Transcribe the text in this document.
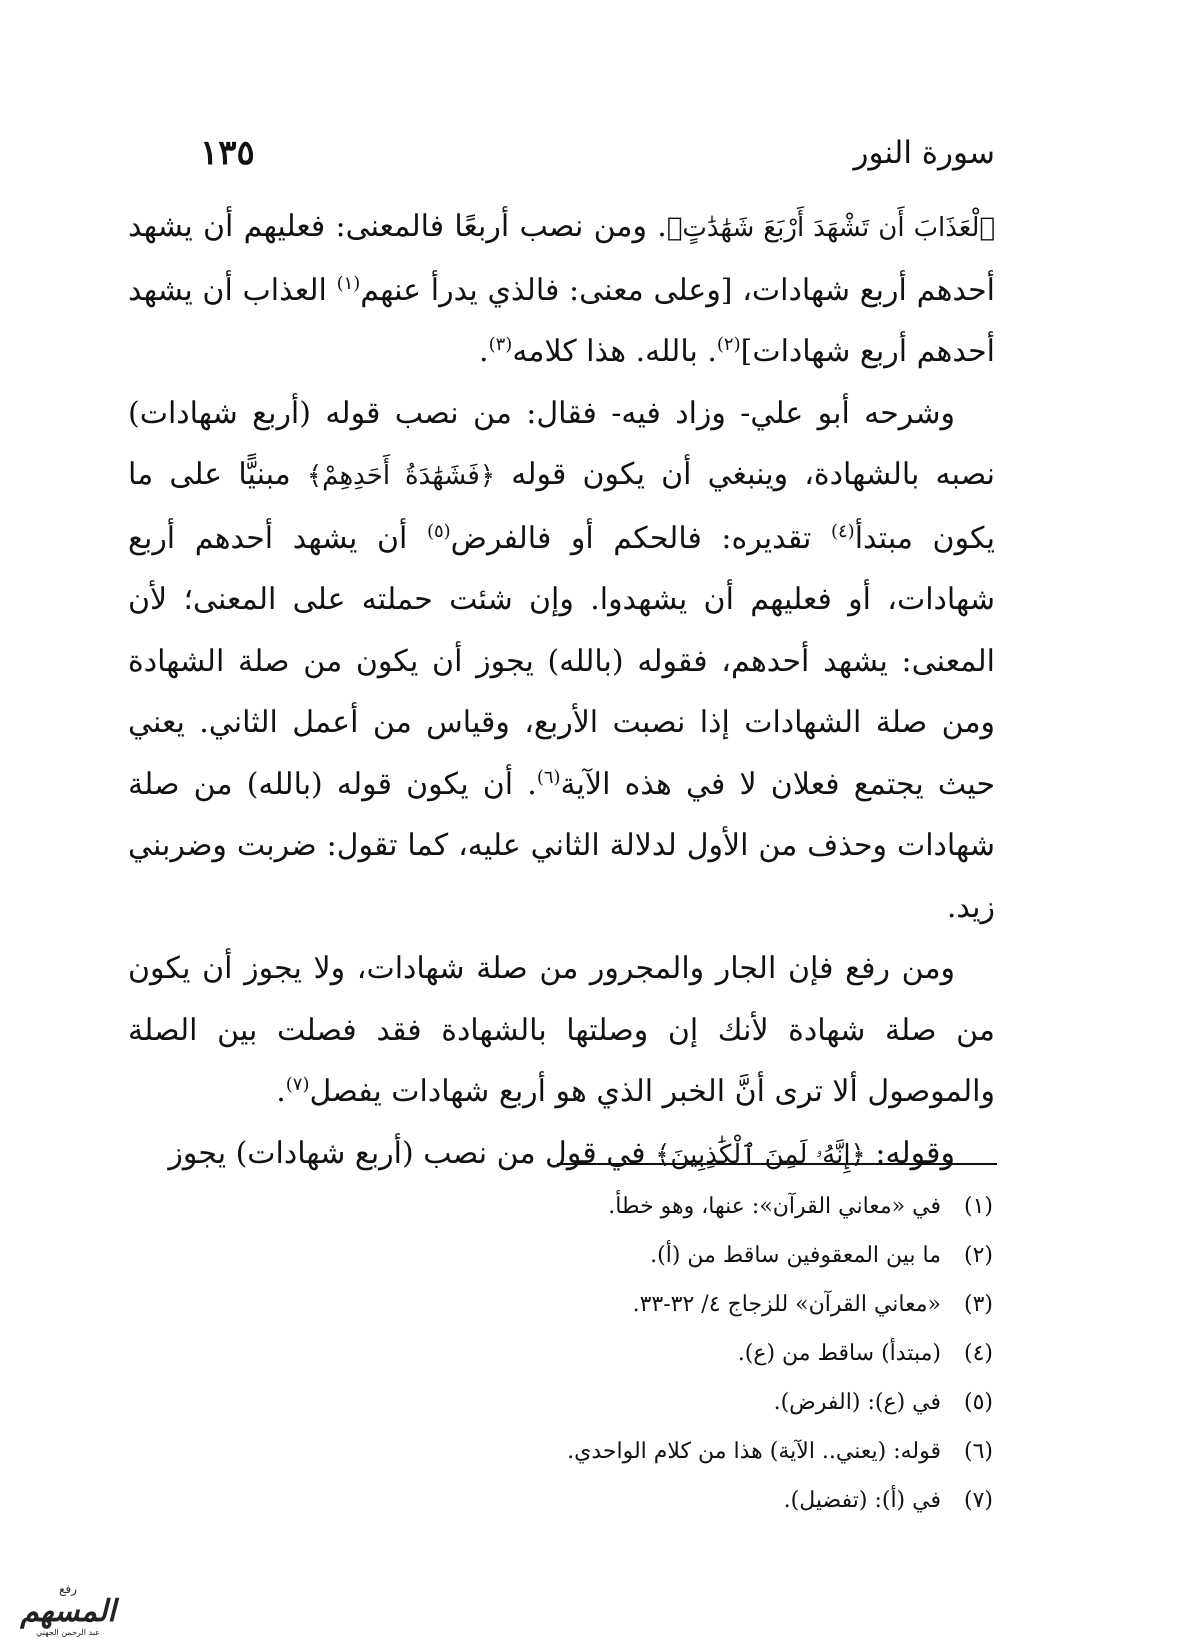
سورة النور
١٣٥

ٱلْعَذَابَ أَن تَشْهَدَ أَرْبَعَ شَهَٰدَٰتٍۭ. ومن نصب أربعًا فالمعنى: فعليهم أن يشهد أحدهم أربع شهادات، [وعلى معنى: فالذي يدرأ عنهم$^{(١)}$ العذاب أن يشهد أحدهم أربع شهادات]$^{(٢)}$. بالله. هذا كلامه$^{(٣)}$.

وشرحه أبو علي- وزاد فيه- فقال: من نصب قوله (أربع شهادات) نصبه بالشهادة، وينبغي أن يكون قوله ﴿فَشَهَٰدَةُ أَحَدِهِمْ﴾ مبنيًّا على ما يكون مبتدأ$^{(٤)}$ تقديره: فالحكم أو فالفرض$^{(٥)}$ أن يشهد أحدهم أربع شهادات، أو فعليهم أن يشهدوا. وإن شئت حملته على المعنى؛ لأن المعنى: يشهد أحدهم، فقوله (بالله) يجوز أن يكون من صلة الشهادة ومن صلة الشهادات إذا نصبت الأربع، وقياس من أعمل الثاني. يعني حيث يجتمع فعلان لا في هذه الآية$^{(٦)}$. أن يكون قوله (بالله) من صلة شهادات وحذف من الأول لدلالة الثاني عليه، كما تقول: ضربت وضربني زيد.

ومن رفع فإن الجار والمجرور من صلة شهادات، ولا يجوز أن يكون من صلة شهادة لأنك إن وصلتها بالشهادة فقد فصلت بين الصلة والموصول ألا ترى أنَّ الخبر الذي هو أربع شهادات يفصل$^{(٧)}$.

وقوله: ﴿إِنَّهُۥ لَمِنَ ٱلْكَٰذِبِينَ﴾ في قول من نصب (أربع شهادات) يجوز

(١)
في «معاني القرآن»: عنها، وهو خطأ.
(٢)
ما بين المعقوفين ساقط من (أ).
(٣)
«معاني القرآن» للزجاج ٤/ ٣٢-٣٣.
(٤)
(مبتدأ) ساقط من (ع).
(٥)
في (ع): (الفرض).
(٦)
قوله: (يعني.. الآية) هذا من كلام الواحدي.
(٧)
في (أ): (تفضيل).
رفع
المسهم
عبد الرحمن الجهني
